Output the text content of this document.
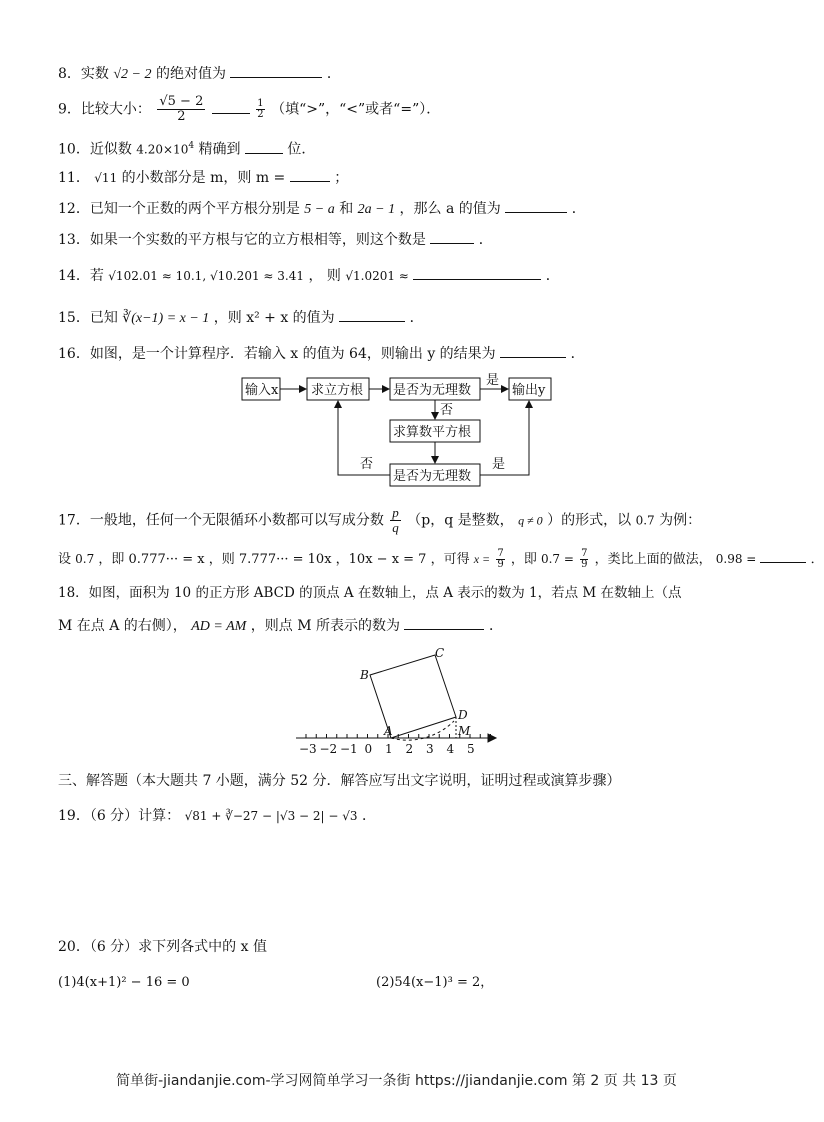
8．实数 √2 − 2 的绝对值为	．
9．比较大小： $\frac{√5 - 2}{2}$
	$\frac{1}{2}$ （填“>”，“<”或者“=”）．
10．近似数 $4.20\times 10^4$ 精确到	位．
11． √11 的小数部分是 m，则 m =	；
12．已知一个正数的两个平方根分别是 5 − a 和 2a − 1 ，那么 a 的值为	．
13．如果一个实数的平方根与它的立方根相等，则这个数是	．
14．若 √102.01 ≈ 10.1, √10.201 ≈ 3.41 ， 则 √1.0201 ≈	．
15．已知 ∛(x−1) = x − 1 ，则 x² + x 的值为	．
16．如图，是一个计算程序．若输入 x 的值为 64，则输出 y 的结果为	．
输入x	求立方根 是否为无理数	输出y
求算数平方根
是否为无理数
是
否
否	是
17．一般地，任何一个无限循环小数都可以写成分数 $\frac{p}{q} (p$，q 是整数， q ≠ 0 ）的形式，以 0.7 为例：
设 0.7 ，即 0.777··· = x ，则 7.777··· = 10x ，10x − x = 7 ，可得 $x = \frac{7}{9}$ ，即 $0.7 = \frac{7}{9}$ ，类比上面的做法， 0.98 =	．
18．如图，面积为 10 的正方形 ABCD 的顶点 A 在数轴上，点 A 表示的数为 1，若点 M 在数轴上（点
M 在点 A 的右侧）， AD = AM ，则点 M 所表示的数为	．
A
B
C
D
M
−3 −2 −1 0 1 2 3 4 5
三、解答题（本大题共 7 小题，满分 52 分．解答应写出文字说明，证明过程或演算步骤）
19．（6 分）计算： √81 + ∛−27 − |√3 − 2| − √3 ．
20．（6 分）求下列各式中的 x 值
(1)4(x+1)² − 16 = 0	(2)54(x−1)³ = 2，
简单街-jiandanjie.com-学习网简单学习一条街 https://jiandanjie.com 第 2 页 共 13 页
